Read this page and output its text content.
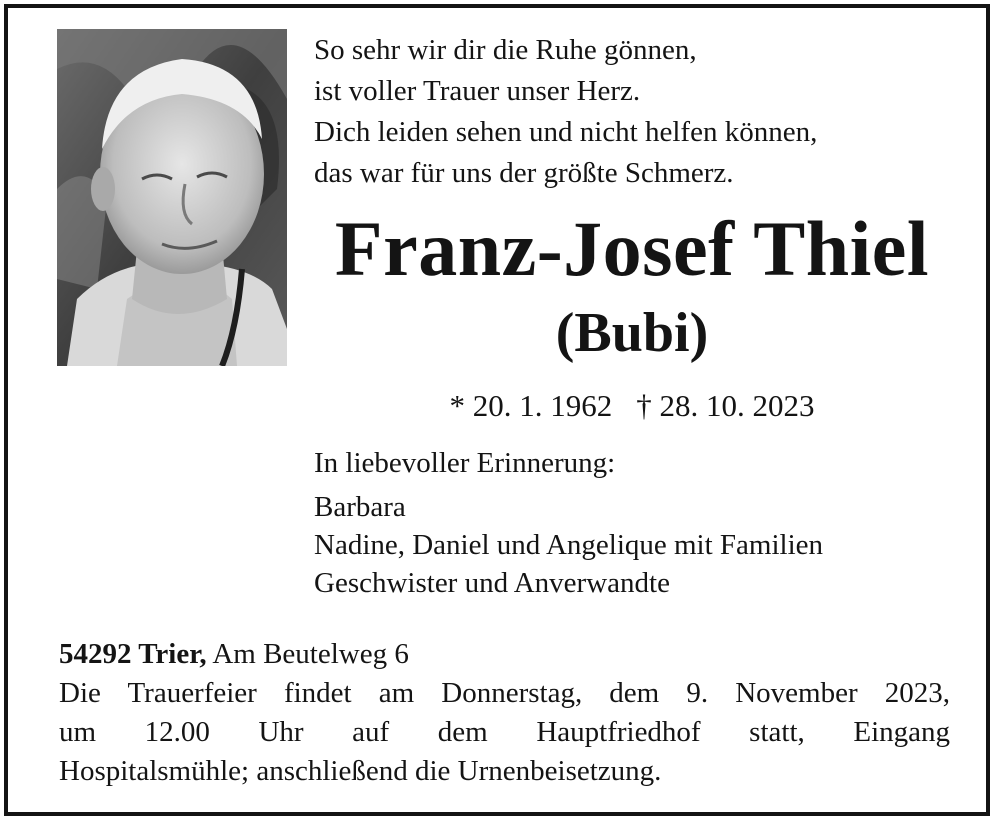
So sehr wir dir die Ruhe gönnen,
ist voller Trauer unser Herz.
Dich leiden sehen und nicht helfen können,
das war für uns der größte Schmerz.
Franz-Josef Thiel
(Bubi)
* 20. 1. 1962 † 28. 10. 2023
In liebevoller Erinnerung:
Barbara
Nadine, Daniel und Angelique mit Familien
Geschwister und Anverwandte
54292 Trier, Am Beutelweg 6
Die Trauerfeier findet am Donnerstag, dem 9. November 2023,
um 12.00 Uhr auf dem Hauptfriedhof statt, Eingang
Hospitalsmühle; anschließend die Urnenbeisetzung.
